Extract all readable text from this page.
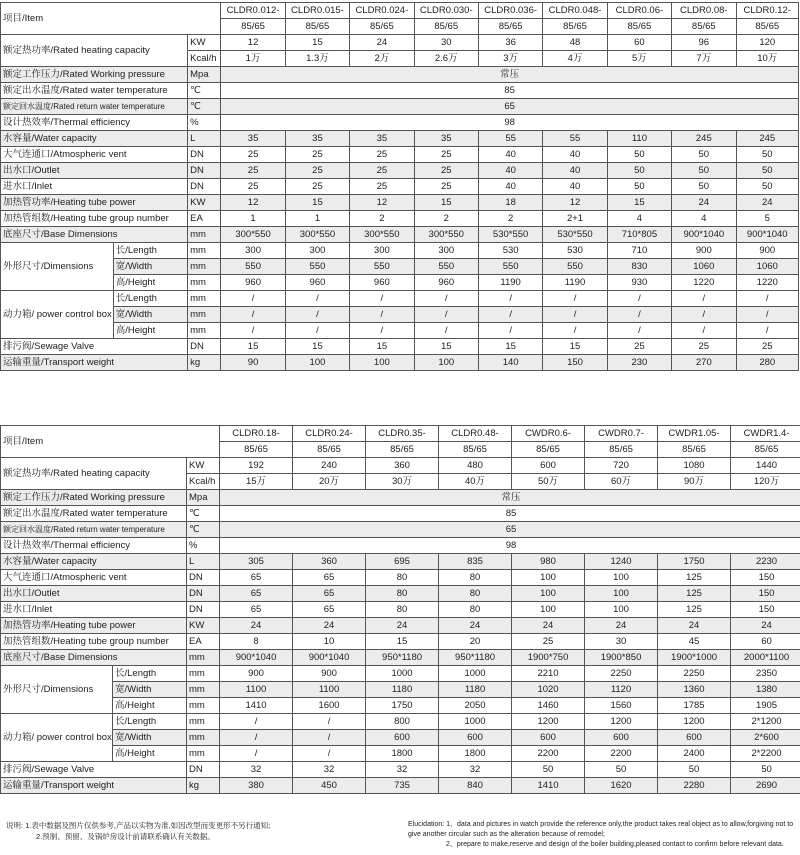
项目/Item			CLDR0.012-	CLDR0.015-	CLDR0.024-	CLDR0.030-	CLDR0.036-	CLDR0.048-	CLDR0.06-	CLDR0.08-	CLDR0.12-
			85/65	85/65	85/65	85/65	85/65	85/65	85/65	85/65	85/65
额定热功率/Rated heating capacity		KW	12	15	24	30	36	48	60	96	120
		Kcal/h	1万	1.3万	2万	2.6万	3万	4万	5万	7万	10万
额定工作压力/Rated Working pressure		Mpa	常压								
额定出水温度/Rated water temperature		℃	85								
额定回水温度/Rated return water temperature		℃	65								
设计热效率/Thermal efficiency		%	98								
水容量/Water capacity		L	35	35	35	35	55	55	110	245	245
大气连通口/Atmospheric vent		DN	25	25	25	25	40	40	50	50	50
出水口/Outlet		DN	25	25	25	25	40	40	50	50	50
进水口/Inlet		DN	25	25	25	25	40	40	50	50	50
加热管功率/Heating tube power		KW	12	15	12	15	18	12	15	24	24
加热管组数/Heating tube group number		EA	1	1	2	2	2	2+1	4	4	5
底座尺寸/Base Dimensions		mm	300*550	300*550	300*550	300*550	530*550	530*550	710*805	900*1040	900*1040
外形尺寸/Dimensions	长/Length	mm	300	300	300	300	530	530	710	900	900
	宽/Width	mm	550	550	550	550	550	550	830	1060	1060
	高/Height	mm	960	960	960	960	1190	1190	930	1220	1220
动力箱/ power control box	长/Length	mm	/	/	/	/	/	/	/	/	/
	宽/Width	mm	/	/	/	/	/	/	/	/	/
	高/Height	mm	/	/	/	/	/	/	/	/	/
排污阀/Sewage Valve		DN	15	15	15	15	15	15	25	25	25
运输重量/Transport weight		kg	90	100	100	100	140	150	230	270	280
项目/Item			CLDR0.18-	CLDR0.24-	CLDR0.35-	CLDR0.48-	CWDR0.6-	CWDR0.7-	CWDR1.05-	CWDR1.4-
			85/65	85/65	85/65	85/65	85/65	85/65	85/65	85/65
额定热功率/Rated heating capacity		KW	192	240	360	480	600	720	1080	1440
		Kcal/h	15万	20万	30万	40万	50万	60万	90万	120万
额定工作压力/Rated Working pressure		Mpa	常压							
额定出水温度/Rated water temperature		℃	85							
额定回水温度/Rated return water temperature		℃	65							
设计热效率/Thermal efficiency		%	98							
水容量/Water capacity		L	305	360	695	835	980	1240	1750	2230
大气连通口/Atmospheric vent		DN	65	65	80	80	100	100	125	150
出水口/Outlet		DN	65	65	80	80	100	100	125	150
进水口/Inlet		DN	65	65	80	80	100	100	125	150
加热管功率/Heating tube power		KW	24	24	24	24	24	24	24	24
加热管组数/Heating tube group number		EA	8	10	15	20	25	30	45	60
底座尺寸/Base Dimensions		mm	900*1040	900*1040	950*1180	950*1180	1900*750	1900*850	1900*1000	2000*1100
外形尺寸/Dimensions	长/Length	mm	900	900	1000	1000	2210	2250	2250	2350
	宽/Width	mm	1100	1100	1180	1180	1020	1120	1360	1380
	高/Height	mm	1410	1600	1750	2050	1460	1560	1785	1905
动力箱/ power control box	长/Length	mm	/	/	800	1000	1200	1200	1200	2*1200
	宽/Width	mm	/	/	600	600	600	600	600	2*600
	高/Height	mm	/	/	1800	1800	2200	2200	2400	2*2200
排污阀/Sewage Valve		DN	32	32	32	32	50	50	50	50
运输重量/Transport weight		kg	380	450	735	840	1410	1620	2280	2690
说明: 1.表中数据及图片仅供参考,产品以实物为准,如因改型而变更形不另行通知;
2.预制、预留、及锅炉房设计前请联系确认有关数据。
Elucidation: 1、data and pictures in watch provide the reference only,the product takes real object as to allow,forgiving not to give another circular such as the alteration because of remodel;
2、prepare to make,reserve and design of the boiler building,pleased contact to confirm before relevant data.
